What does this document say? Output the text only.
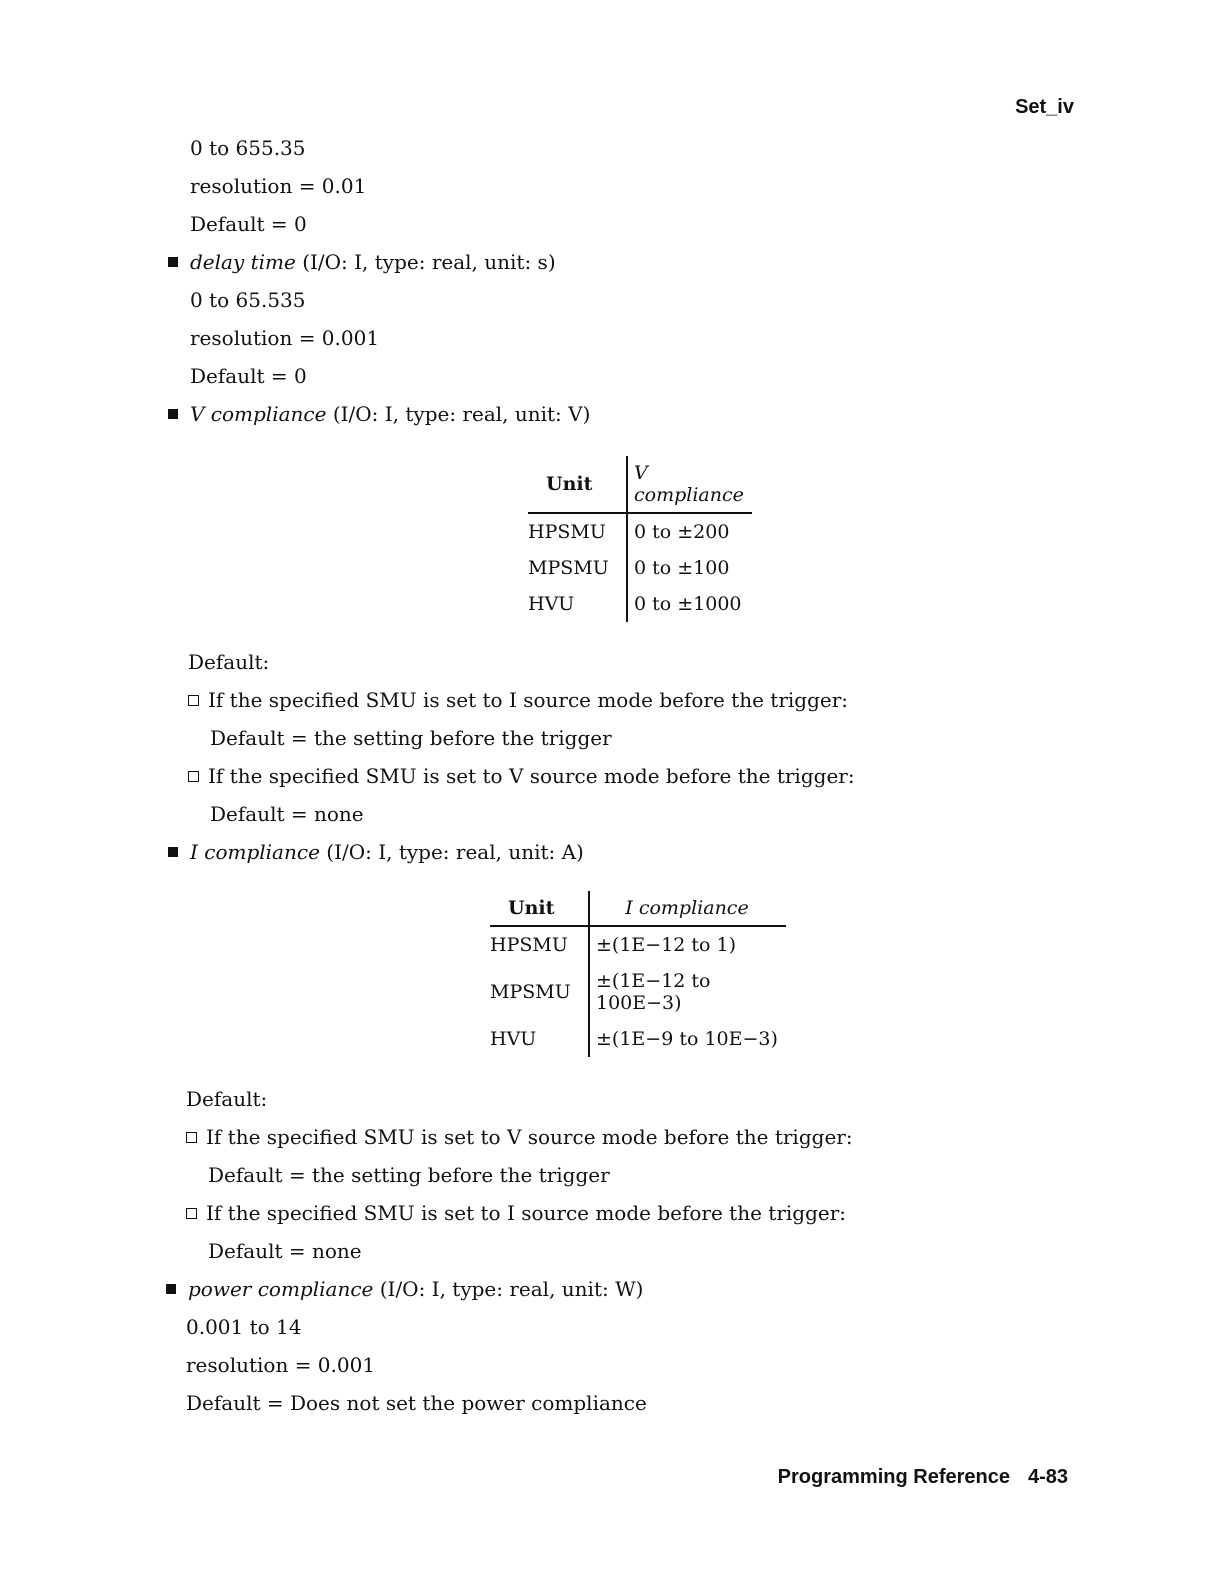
Set_iv
0 to 655.35
resolution = 0.01
Default = 0
delay time (I/O: I, type: real, unit: s)
0 to 65.535
resolution = 0.001
Default = 0
V compliance (I/O: I, type: real, unit: V)
Unit	V compliance
HPSMU	0 to ±200
MPSMU	0 to ±100
HVU	0 to ±1000
Default:
If the specified SMU is set to I source mode before the trigger:
Default = the setting before the trigger
If the specified SMU is set to V source mode before the trigger:
Default = none
I compliance (I/O: I, type: real, unit: A)
Unit	I compliance
HPSMU	±(1E−12 to 1)
MPSMU	±(1E−12 to 100E−3)
HVU	±(1E−9 to 10E−3)
Default:
If the specified SMU is set to V source mode before the trigger:
Default = the setting before the trigger
If the specified SMU is set to I source mode before the trigger:
Default = none
power compliance (I/O: I, type: real, unit: W)
0.001 to 14
resolution = 0.001
Default = Does not set the power compliance
Programming Reference 4-83
